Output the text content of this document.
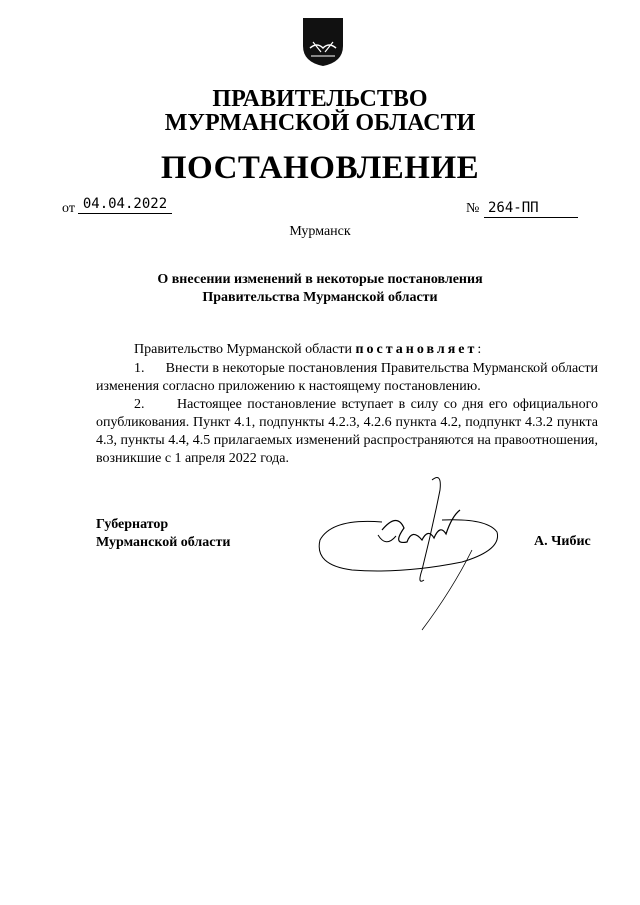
ПРАВИТЕЛЬСТВО
МУРМАНСКОЙ ОБЛАСТИ
ПОСТАНОВЛЕНИЕ
от 04.04.2022	№ 264-ПП
Мурманск
О внесении изменений в некоторые постановления
Правительства Мурманской области
Правительство Мурманской области постановляет:
1.      Внести в некоторые постановления Правительства Мурманской области изменения согласно приложению к настоящему постановлению.
2.      Настоящее постановление вступает в силу со дня его официального опубликования. Пункт 4.1, подпункты 4.2.3, 4.2.6 пункта 4.2, подпункт 4.3.2 пункта 4.3, пункты 4.4, 4.5 прилагаемых изменений распространяются на правоотношения, возникшие с 1 апреля 2022 года.
Губернатор
Мурманской области	А. Чибис
